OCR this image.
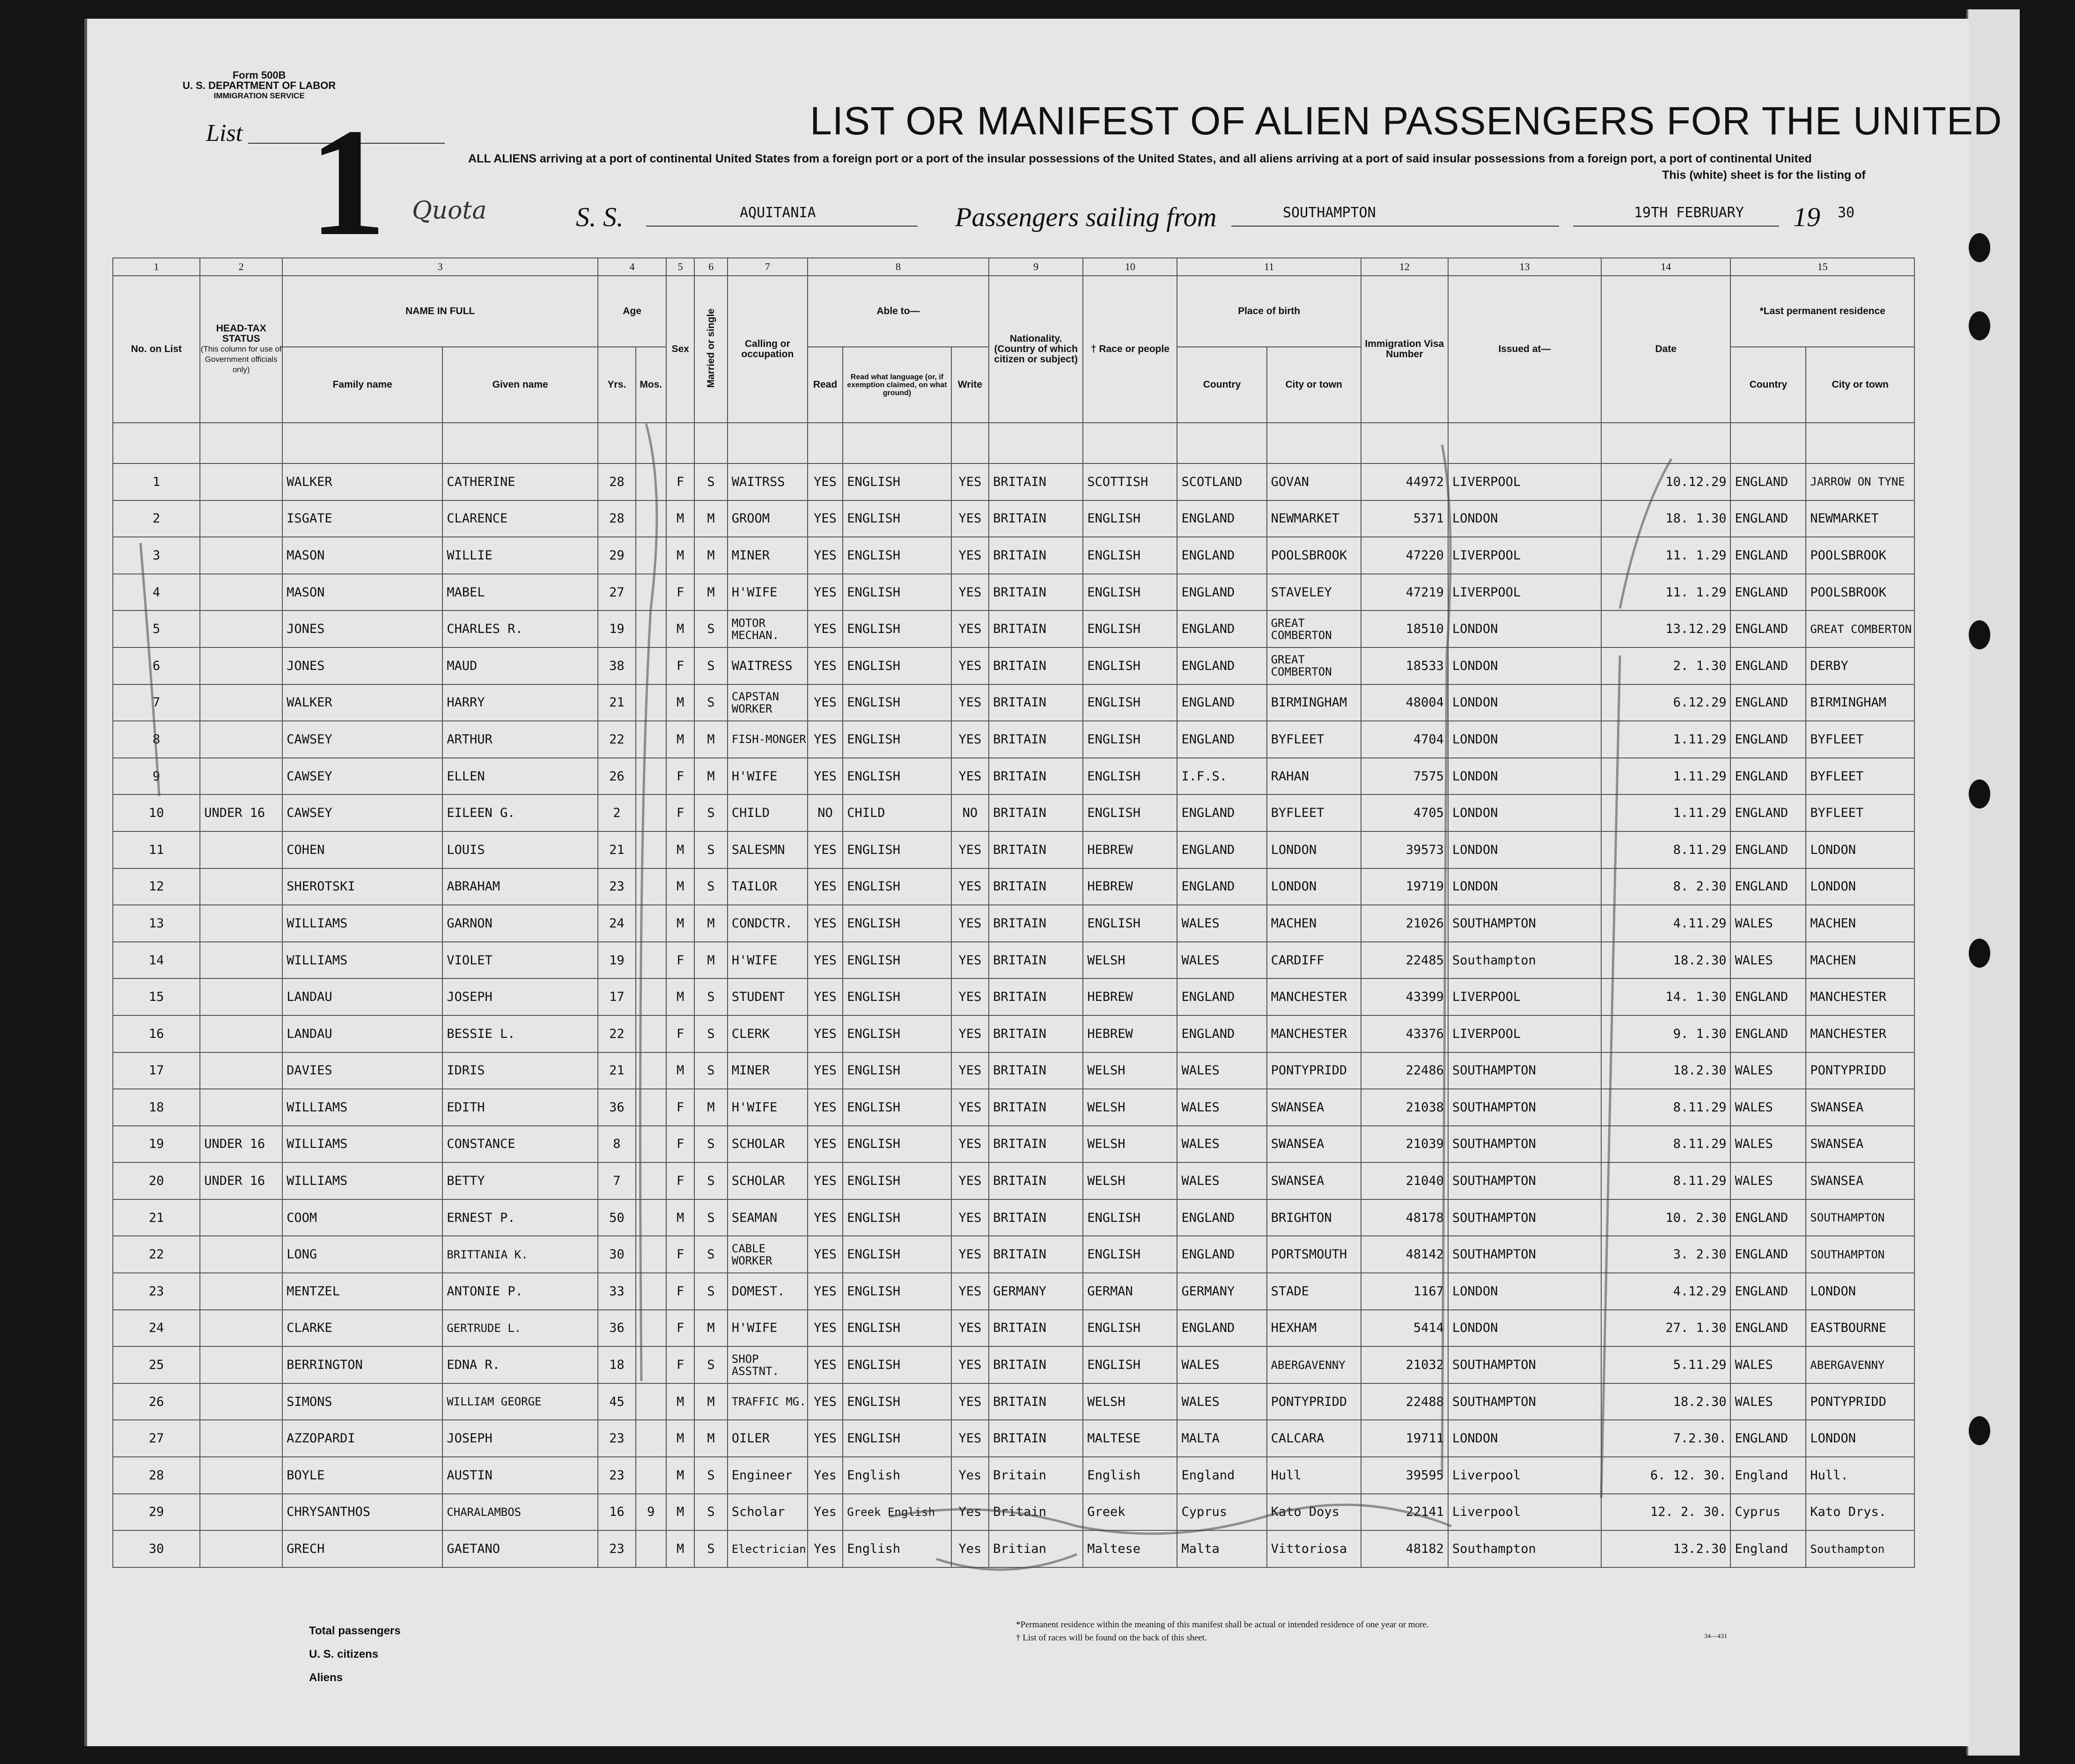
Form 500B
U. S. DEPARTMENT OF LABOR
IMMIGRATION SERVICE
List 1 Quota
LIST OR MANIFEST OF ALIEN PASSENGERS FOR THE UNITED
ALL ALIENS arriving at a port of continental United States from a foreign port or a port of the insular possessions of the United States, and all aliens arriving at a port of said insular possessions from a foreign port, a port of continental United
This (white) sheet is for the listing of
S. S.	AQUITANIA	Passengers sailing from	SOUTHAMPTON	19TH FEBRUARY 19 30
1	2	3		4		5	6	7	8			9	10	11		12	13	14	15	
No. on List	HEAD-TAX STATUS
(This column for use of Government officials only)	NAME IN FULL		Age		Sex	Married or single	Calling or occupation	Able to—			Nationality. (Country of which citizen or subject)	† Race or people	Place of birth		Immigration Visa Number	Issued at—	Date	*Last permanent residence	
		Family name	Given name	Yrs.	Mos.				Read	Read what language (or, if exemption claimed, on what ground)	Write			Country	City or town				Country	City or town

1		WALKER	CATHERINE	28		F	S	WAITRSS	YES	ENGLISH	YES	BRITAIN	SCOTTISH	SCOTLAND	GOVAN	44972	LIVERPOOL	10.12.29	ENGLAND	JARROW ON TYNE
2		ISGATE	CLARENCE	28		M	M	GROOM	YES	ENGLISH	YES	BRITAIN	ENGLISH	ENGLAND	NEWMARKET	5371	LONDON	18. 1.30	ENGLAND	NEWMARKET
3		MASON	WILLIE	29		M	M	MINER	YES	ENGLISH	YES	BRITAIN	ENGLISH	ENGLAND	POOLSBROOK	47220	LIVERPOOL	11. 1.29	ENGLAND	POOLSBROOK
4		MASON	MABEL	27		F	M	H'WIFE	YES	ENGLISH	YES	BRITAIN	ENGLISH	ENGLAND	STAVELEY	47219	LIVERPOOL	11. 1.29	ENGLAND	POOLSBROOK
5		JONES	CHARLES R.	19		M	S	MOTOR MECHAN.	YES	ENGLISH	YES	BRITAIN	ENGLISH	ENGLAND	GREAT COMBERTON	18510	LONDON	13.12.29	ENGLAND	GREAT COMBERTON
6		JONES	MAUD	38		F	S	WAITRESS	YES	ENGLISH	YES	BRITAIN	ENGLISH	ENGLAND	GREAT COMBERTON	18533	LONDON	2. 1.30	ENGLAND	DERBY
7		WALKER	HARRY	21		M	S	CAPSTAN WORKER	YES	ENGLISH	YES	BRITAIN	ENGLISH	ENGLAND	BIRMINGHAM	48004	LONDON	6.12.29	ENGLAND	BIRMINGHAM
8		CAWSEY	ARTHUR	22		M	M	FISH-MONGER	YES	ENGLISH	YES	BRITAIN	ENGLISH	ENGLAND	BYFLEET	4704	LONDON	1.11.29	ENGLAND	BYFLEET
9		CAWSEY	ELLEN	26		F	M	H'WIFE	YES	ENGLISH	YES	BRITAIN	ENGLISH	I.F.S.	RAHAN	7575	LONDON	1.11.29	ENGLAND	BYFLEET
10	UNDER 16	CAWSEY	EILEEN G.	2		F	S	CHILD	NO	CHILD	NO	BRITAIN	ENGLISH	ENGLAND	BYFLEET	4705	LONDON	1.11.29	ENGLAND	BYFLEET
11		COHEN	LOUIS	21		M	S	SALESMN	YES	ENGLISH	YES	BRITAIN	HEBREW	ENGLAND	LONDON	39573	LONDON	8.11.29	ENGLAND	LONDON
12		SHEROTSKI	ABRAHAM	23		M	S	TAILOR	YES	ENGLISH	YES	BRITAIN	HEBREW	ENGLAND	LONDON	19719	LONDON	8. 2.30	ENGLAND	LONDON
13		WILLIAMS	GARNON	24		M	M	CONDCTR.	YES	ENGLISH	YES	BRITAIN	ENGLISH	WALES	MACHEN	21026	SOUTHAMPTON	4.11.29	WALES	MACHEN
14		WILLIAMS	VIOLET	19		F	M	H'WIFE	YES	ENGLISH	YES	BRITAIN	WELSH	WALES	CARDIFF	22485	Southampton	18.2.30	WALES	MACHEN
15		LANDAU	JOSEPH	17		M	S	STUDENT	YES	ENGLISH	YES	BRITAIN	HEBREW	ENGLAND	MANCHESTER	43399	LIVERPOOL	14. 1.30	ENGLAND	MANCHESTER
16		LANDAU	BESSIE L.	22		F	S	CLERK	YES	ENGLISH	YES	BRITAIN	HEBREW	ENGLAND	MANCHESTER	43376	LIVERPOOL	9. 1.30	ENGLAND	MANCHESTER
17		DAVIES	IDRIS	21		M	S	MINER	YES	ENGLISH	YES	BRITAIN	WELSH	WALES	PONTYPRIDD	22486	SOUTHAMPTON	18.2.30	WALES	PONTYPRIDD
18		WILLIAMS	EDITH	36		F	M	H'WIFE	YES	ENGLISH	YES	BRITAIN	WELSH	WALES	SWANSEA	21038	SOUTHAMPTON	8.11.29	WALES	SWANSEA
19	UNDER 16	WILLIAMS	CONSTANCE	8		F	S	SCHOLAR	YES	ENGLISH	YES	BRITAIN	WELSH	WALES	SWANSEA	21039	SOUTHAMPTON	8.11.29	WALES	SWANSEA
20	UNDER 16	WILLIAMS	BETTY	7		F	S	SCHOLAR	YES	ENGLISH	YES	BRITAIN	WELSH	WALES	SWANSEA	21040	SOUTHAMPTON	8.11.29	WALES	SWANSEA
21		COOM	ERNEST P.	50		M	S	SEAMAN	YES	ENGLISH	YES	BRITAIN	ENGLISH	ENGLAND	BRIGHTON	48178	SOUTHAMPTON	10. 2.30	ENGLAND	SOUTHAMPTON
22		LONG	BRITTANIA K.	30		F	S	CABLE WORKER	YES	ENGLISH	YES	BRITAIN	ENGLISH	ENGLAND	PORTSMOUTH	48142	SOUTHAMPTON	3. 2.30	ENGLAND	SOUTHAMPTON
23		MENTZEL	ANTONIE P.	33		F	S	DOMEST.	YES	ENGLISH	YES	GERMANY	GERMAN	GERMANY	STADE	1167	LONDON	4.12.29	ENGLAND	LONDON
24		CLARKE	GERTRUDE L.	36		F	M	H'WIFE	YES	ENGLISH	YES	BRITAIN	ENGLISH	ENGLAND	HEXHAM	5414	LONDON	27. 1.30	ENGLAND	EASTBOURNE
25		BERRINGTON	EDNA R.	18		F	S	SHOP ASSTNT.	YES	ENGLISH	YES	BRITAIN	ENGLISH	WALES	ABERGAVENNY	21032	SOUTHAMPTON	5.11.29	WALES	ABERGAVENNY
26		SIMONS	WILLIAM GEORGE	45		M	M	TRAFFIC MG.	YES	ENGLISH	YES	BRITAIN	WELSH	WALES	PONTYPRIDD	22488	SOUTHAMPTON	18.2.30	WALES	PONTYPRIDD
27		AZZOPARDI	JOSEPH	23		M	M	OILER	YES	ENGLISH	YES	BRITAIN	MALTESE	MALTA	CALCARA	19711	LONDON	7.2.30.	ENGLAND	LONDON
28		BOYLE	AUSTIN	23		M	S	Engineer	Yes	English	Yes	Britain	English	England	Hull	39595	Liverpool	6. 12. 30.	England	Hull.
29		CHRYSANTHOS	CHARALAMBOS	16	9	M	S	Scholar	Yes	Greek English	Yes	Britain	Greek	Cyprus	Kato Doys	22141	Liverpool	12. 2. 30.	Cyprus	Kato Drys.
30		GRECH	GAETANO	23		M	S	Electrician	Yes	English	Yes	Britian	Maltese	Malta	Vittoriosa	48182	Southampton	13.2.30	England	Southampton
Total passengers
U. S. citizens
Aliens
*Permanent residence within the meaning of this manifest shall be actual or intended residence of one year or more.
† List of races will be found on the back of this sheet.	34—431
